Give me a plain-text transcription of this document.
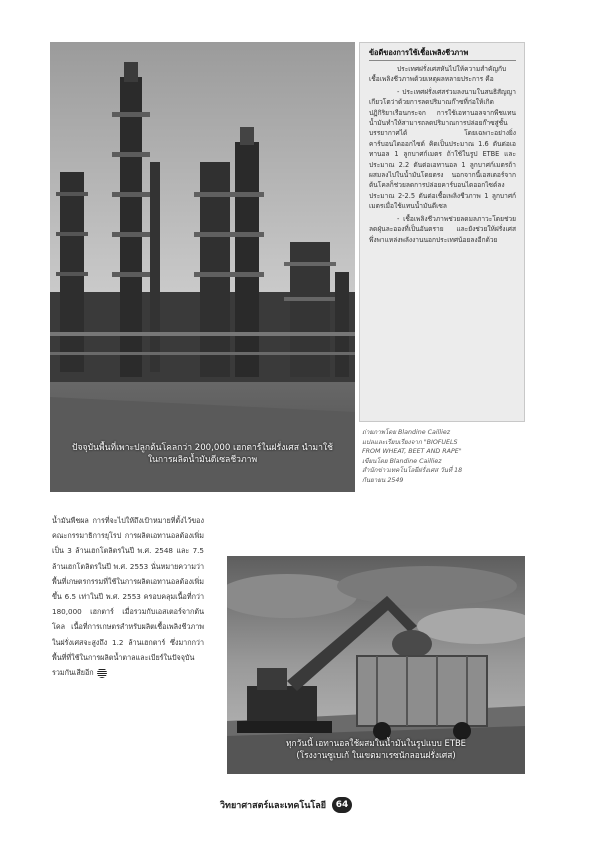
ปัจจุบันพื้นที่เพาะปลูกต้นโคลกว่า 200,000 เฮกตาร์ในฝรั่งเศส นำมาใช้
ในการผลิตน้ำมันดีเซลชีวภาพ
ข้อดีของการใช้เชื้อเพลิงชีวภาพ

ประเทศฝรั่งเศสหันไปให้ความสำคัญกับเชื้อเพลิงชีวภาพด้วยเหตุผลหลายประการ คือ

- ประเทศฝรั่งเศสร่วมลงนามในสนธิสัญญาเกียวโตว่าด้วยการลดปริมาณก๊าซที่ก่อให้เกิดปฏิกิริยาเรือนกระจก การใช้เอทานอลจากพืชแทนน้ำมันทำให้สามารถลดปริมาณการปล่อยก๊าซสู่ชั้นบรรยากาศได้ โดยเฉพาะอย่างยิ่งคาร์บอนไดออกไซด์ คิดเป็นประมาณ 1.6 ตันต่อเอทานอล 1 ลูกบาศก์เมตร ถ้าใช้ในรูป ETBE และประมาณ 2.2 ตันต่อเอทานอล 1 ลูกบาศก์เมตรถ้าผสมลงไปในน้ำมันโดยตรง นอกจากนี้เอสเตอร์จากต้นโคลก็ช่วยลดการปล่อยคาร์บอนไดออกไซด์ลงประมาณ 2-2.5 ตันต่อเชื้อเพลิงชีวภาพ 1 ลูกบาศก์เมตรเมื่อใช้แทนน้ำมันดีเซล

- เชื้อเพลิงชีวภาพช่วยลดมลภาวะโดยช่วยลดฝุ่นละอองที่เป็นอันตราย และยังช่วยให้ฝรั่งเศสพึ่งพาแหล่งพลังงานนอกประเทศน้อยลงอีกด้วย

ถ่ายภาพโดย Blandine Cailliez
แปลและเรียบเรียงจาก "BIOFUELS
FROM WHEAT, BEET AND RAPE"
เขียนโดย Blandine Cailliez
สำนักข่าวเทคโนโลยีฝรั่งเศส วันที่ 18
กันยายน 2549
น้ำมันพืชผล การที่จะไปให้ถึงเป้าหมายที่ตั้งไว้ของคณะกรรมาธิการยุโรป การผลิตเอทานอลต้องเพิ่มเป็น 3 ล้านเฮกโตลิตรในปี พ.ศ. 2548 และ 7.5 ล้านเฮกโตลิตรในปี พ.ศ. 2553 นั่นหมายความว่าพื้นที่เกษตรกรรมที่ใช้ในการผลิตเอทานอลต้องเพิ่มขึ้น 6.5 เท่าในปี พ.ศ. 2553 ครอบคลุมเนื้อที่กว่า 180,000 เฮกตาร์ เมื่อรวมกับเอสเตอร์จากต้นโคล เนื้อที่การเกษตรสำหรับผลิตเชื้อเพลิงชีวภาพในฝรั่งเศสจะสูงถึง 1.2 ล้านเฮกตาร์ ซึ่งมากกว่าพื้นที่ที่ใช้ในการผลิตน้ำตาลและเบียร์ในปัจจุบันรวมกันเสียอีก
ทุกวันนี้ เอทานอลใช้ผสมในน้ำมันในรูปแบบ ETBE
(โรงงานซูเบเก้ ในเขตมาเรซนักลอนฝรั่งเศส)
วิทยาศาสตร์และเทคโนโลยี	64
